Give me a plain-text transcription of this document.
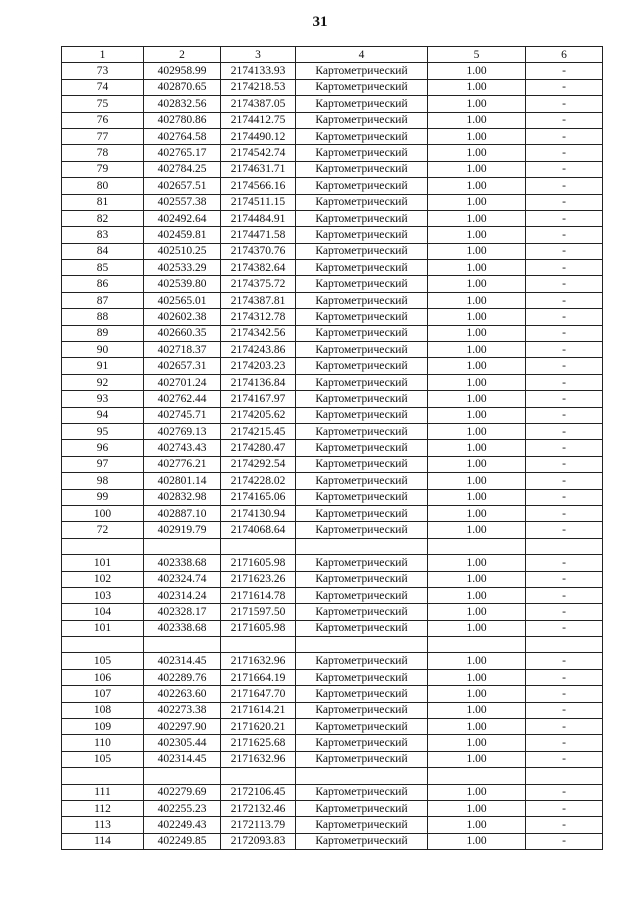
31
1	2	3	4	5	6
73	402958.99	2174133.93	Картометрический	1.00	-
74	402870.65	2174218.53	Картометрический	1.00	-
75	402832.56	2174387.05	Картометрический	1.00	-
76	402780.86	2174412.75	Картометрический	1.00	-
77	402764.58	2174490.12	Картометрический	1.00	-
78	402765.17	2174542.74	Картометрический	1.00	-
79	402784.25	2174631.71	Картометрический	1.00	-
80	402657.51	2174566.16	Картометрический	1.00	-
81	402557.38	2174511.15	Картометрический	1.00	-
82	402492.64	2174484.91	Картометрический	1.00	-
83	402459.81	2174471.58	Картометрический	1.00	-
84	402510.25	2174370.76	Картометрический	1.00	-
85	402533.29	2174382.64	Картометрический	1.00	-
86	402539.80	2174375.72	Картометрический	1.00	-
87	402565.01	2174387.81	Картометрический	1.00	-
88	402602.38	2174312.78	Картометрический	1.00	-
89	402660.35	2174342.56	Картометрический	1.00	-
90	402718.37	2174243.86	Картометрический	1.00	-
91	402657.31	2174203.23	Картометрический	1.00	-
92	402701.24	2174136.84	Картометрический	1.00	-
93	402762.44	2174167.97	Картометрический	1.00	-
94	402745.71	2174205.62	Картометрический	1.00	-
95	402769.13	2174215.45	Картометрический	1.00	-
96	402743.43	2174280.47	Картометрический	1.00	-
97	402776.21	2174292.54	Картометрический	1.00	-
98	402801.14	2174228.02	Картометрический	1.00	-
99	402832.98	2174165.06	Картометрический	1.00	-
100	402887.10	2174130.94	Картометрический	1.00	-
72	402919.79	2174068.64	Картометрический	1.00	-

101	402338.68	2171605.98	Картометрический	1.00	-
102	402324.74	2171623.26	Картометрический	1.00	-
103	402314.24	2171614.78	Картометрический	1.00	-
104	402328.17	2171597.50	Картометрический	1.00	-
101	402338.68	2171605.98	Картометрический	1.00	-

105	402314.45	2171632.96	Картометрический	1.00	-
106	402289.76	2171664.19	Картометрический	1.00	-
107	402263.60	2171647.70	Картометрический	1.00	-
108	402273.38	2171614.21	Картометрический	1.00	-
109	402297.90	2171620.21	Картометрический	1.00	-
110	402305.44	2171625.68	Картометрический	1.00	-
105	402314.45	2171632.96	Картометрический	1.00	-

111	402279.69	2172106.45	Картометрический	1.00	-
112	402255.23	2172132.46	Картометрический	1.00	-
113	402249.43	2172113.79	Картометрический	1.00	-
114	402249.85	2172093.83	Картометрический	1.00	-
